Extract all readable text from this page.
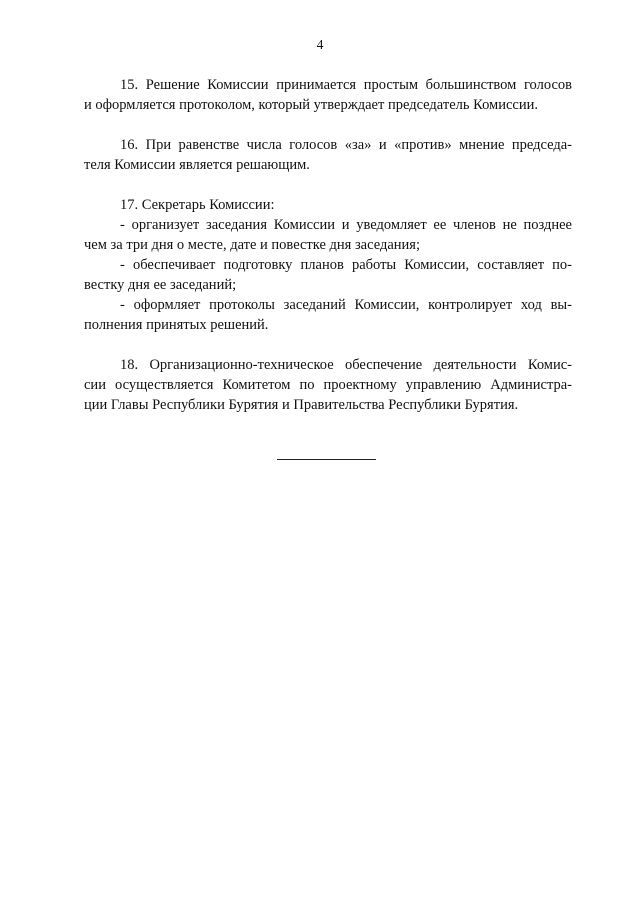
4
15. Решение Комиссии принимается простым большинством голосов
и оформляется протоколом, который утверждает председатель Комиссии.
16. При равенстве числа голосов «за» и «против» мнение председа-
теля Комиссии является решающим.
17. Секретарь Комиссии:
- организует заседания Комиссии и уведомляет ее членов не позднее
чем за три дня о месте, дате и повестке дня заседания;
- обеспечивает подготовку планов работы Комиссии, составляет по-
вестку дня ее заседаний;
- оформляет протоколы заседаний Комиссии, контролирует ход вы-
полнения принятых решений.
18. Организационно-техническое обеспечение деятельности Комис-
сии осуществляется Комитетом по проектному управлению Администра-
ции Главы Республики Бурятия и Правительства Республики Бурятия.
